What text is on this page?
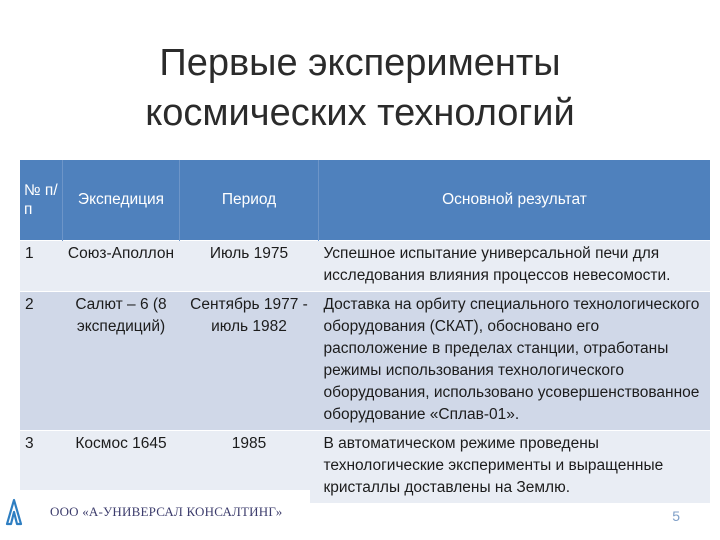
Первые эксперименты
космических технологий
№ п/п	Экспедиция	Период	Основной результат
1	Союз-Аполлон	Июль 1975	Успешное испытание универсальной печи для исследования влияния процессов невесомости.
2	Салют – 6 (8 экспедиций)	Сентябрь 1977 - июль 1982	Доставка на орбиту специального технологического оборудования (СКАТ), обосновано его расположение в пределах станции, отработаны режимы использования технологического оборудования, использовано усовершенствованное оборудование «Сплав-01».
3	Космос 1645	1985	В автоматическом режиме проведены технологические эксперименты и выращенные кристаллы доставлены на Землю.
ООО «А-УНИВЕРСАЛ КОНСАЛТИНГ»	5
